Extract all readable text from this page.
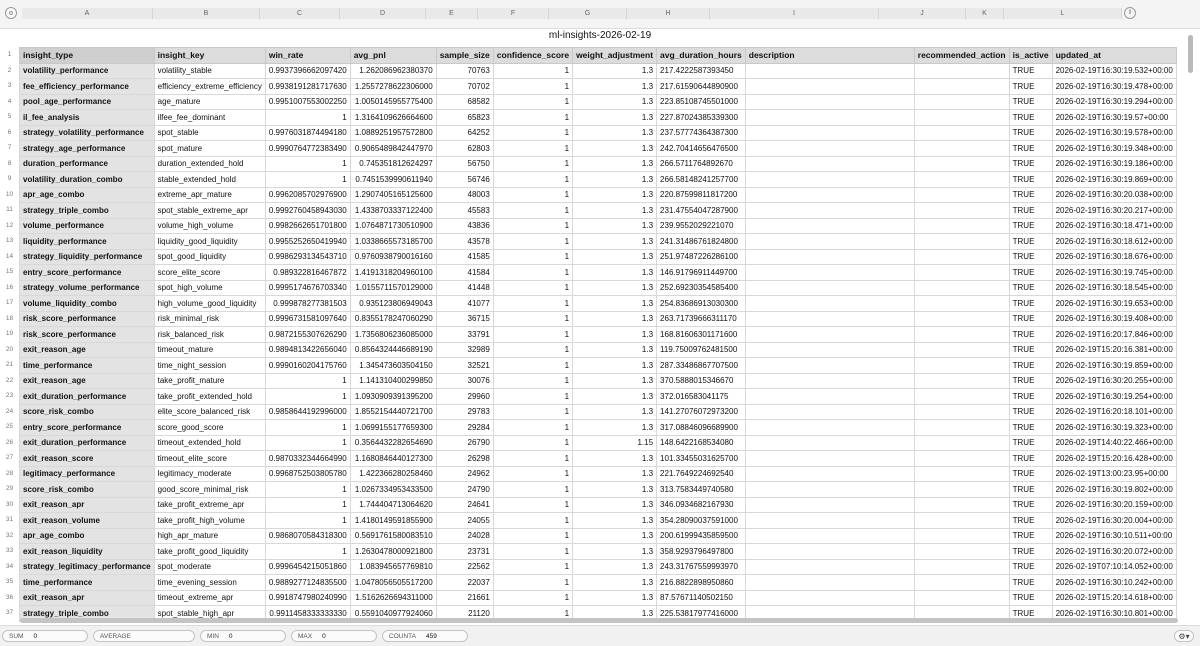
A	B	C	D	E	F	G	H	I	J	K	L	‖
ml-insights-2026-02-19
1
2
3
4
5
6
7
8
9
10
11
12
13
14
15
16
17
18
19
20
21
22
23
24
25
26
27
28
29
30
31
32
33
34
35
36
37
insight_type	insight_key	win_rate	avg_pnl	sample_size	confidence_score	weight_adjustment	avg_duration_hours	description	recommended_action	is_active	updated_at
volatility_performance	volatility_stable	0.9937396662097420	1.262086962380370	70763	1	1.3	217.4222587393450			TRUE	2026-02-19T16:30:19.532+00:00
fee_efficiency_performance	efficiency_extreme_efficiency	0.9938191281717630	1.2557278622306000	70702	1	1.3	217.61590644890900			TRUE	2026-02-19T16:30:19.478+00:00
pool_age_performance	age_mature	0.9951007553002250	1.0050145955775400	68582	1	1.3	223.85108745501000			TRUE	2026-02-19T16:30:19.294+00:00
il_fee_analysis	ilfee_fee_dominant	1	1.3164109626664600	65823	1	1.3	227.87024385339300			TRUE	2026-02-19T16:30:19.57+00:00
strategy_volatility_performance	spot_stable	0.9976031874494180	1.0889251957572800	64252	1	1.3	237.57774364387300			TRUE	2026-02-19T16:30:19.578+00:00
strategy_age_performance	spot_mature	0.9990764772383490	0.9065489842447970	62803	1	1.3	242.70414656476500			TRUE	2026-02-19T16:30:19.348+00:00
duration_performance	duration_extended_hold	1	0.745351812624297	56750	1	1.3	266.5711764892670			TRUE	2026-02-19T16:30:19.186+00:00
volatility_duration_combo	stable_extended_hold	1	0.7451539990611940	56746	1	1.3	266.58148241257700			TRUE	2026-02-19T16:30:19.869+00:00
apr_age_combo	extreme_apr_mature	0.9962085702976900	1.2907405165125600	48003	1	1.3	220.87599811817200			TRUE	2026-02-19T16:30:20.038+00:00
strategy_triple_combo	spot_stable_extreme_apr	0.9992760458943030	1.4338703337122400	45583	1	1.3	231.47554047287900			TRUE	2026-02-19T16:30:20.217+00:00
volume_performance	volume_high_volume	0.9982662651701800	1.0764871730510900	43836	1	1.3	239.9552029221070			TRUE	2026-02-19T16:30:18.471+00:00
liquidity_performance	liquidity_good_liquidity	0.9955252650419940	1.0338665573185700	43578	1	1.3	241.31486761824800			TRUE	2026-02-19T16:30:18.612+00:00
strategy_liquidity_performance	spot_good_liquidity	0.9986293134543710	0.9760938790016160	41585	1	1.3	251.97487226286100			TRUE	2026-02-19T16:30:18.676+00:00
entry_score_performance	score_elite_score	0.989322816467872	1.4191318204960100	41584	1	1.3	146.91796911449700			TRUE	2026-02-19T16:30:19.745+00:00
strategy_volume_performance	spot_high_volume	0.9995174676703340	1.0155711570129000	41448	1	1.3	252.69230354585400			TRUE	2026-02-19T16:30:18.545+00:00
volume_liquidity_combo	high_volume_good_liquidity	0.999878277381503	0.935123806949043	41077	1	1.3	254.83686913030300			TRUE	2026-02-19T16:30:19.653+00:00
risk_score_performance	risk_minimal_risk	0.9996731581097640	0.8355178247060290	36715	1	1.3	263.71739666311170			TRUE	2026-02-19T16:30:19.408+00:00
risk_score_performance	risk_balanced_risk	0.9872155307626290	1.7356806236085000	33791	1	1.3	168.81606301171600			TRUE	2026-02-19T16:20:17.846+00:00
exit_reason_age	timeout_mature	0.9894813422656040	0.8564324446689190	32989	1	1.3	119.75009762481500			TRUE	2026-02-19T15:20:16.381+00:00
time_performance	time_night_session	0.9990160204175760	1.345473603504150	32521	1	1.3	287.33486867707500			TRUE	2026-02-19T16:30:19.859+00:00
exit_reason_age	take_profit_mature	1	1.141310400299850	30076	1	1.3	370.5888015346670			TRUE	2026-02-19T16:30:20.255+00:00
exit_duration_performance	take_profit_extended_hold	1	1.0930909391395200	29960	1	1.3	372.016583041175			TRUE	2026-02-19T16:30:19.254+00:00
score_risk_combo	elite_score_balanced_risk	0.9858644192996000	1.8552154440721700	29783	1	1.3	141.27076072973200			TRUE	2026-02-19T16:20:18.101+00:00
entry_score_performance	score_good_score	1	1.0699155177659300	29284	1	1.3	317.08846096689900			TRUE	2026-02-19T16:30:19.323+00:00
exit_duration_performance	timeout_extended_hold	1	0.3564432282654690	26790	1	1.15	148.6422168534080			TRUE	2026-02-19T14:40:22.466+00:00
exit_reason_score	timeout_elite_score	0.9870332344664990	1.1680846440127300	26298	1	1.3	101.33455031625700			TRUE	2026-02-19T15:20:16.428+00:00
legitimacy_performance	legitimacy_moderate	0.9968752503805780	1.422366280258460	24962	1	1.3	221.7649224692540			TRUE	2026-02-19T13:00:23.95+00:00
score_risk_combo	good_score_minimal_risk	1	1.0267334953433500	24790	1	1.3	313.7583449740580			TRUE	2026-02-19T16:30:19.802+00:00
exit_reason_apr	take_profit_extreme_apr	1	1.744404713064620	24641	1	1.3	346.0934682167930			TRUE	2026-02-19T16:30:20.159+00:00
exit_reason_volume	take_profit_high_volume	1	1.4180149591855900	24055	1	1.3	354.28090037591000			TRUE	2026-02-19T16:30:20.004+00:00
apr_age_combo	high_apr_mature	0.9868070584318300	0.5691761580083510	24028	1	1.3	200.61999435859500			TRUE	2026-02-19T16:30:10.511+00:00
exit_reason_liquidity	take_profit_good_liquidity	1	1.2630478000921800	23731	1	1.3	358.9293796497800			TRUE	2026-02-19T16:30:20.072+00:00
strategy_legitimacy_performance	spot_moderate	0.9996454215051860	1.083945657769810	22562	1	1.3	243.31767559993970			TRUE	2026-02-19T07:10:14.052+00:00
time_performance	time_evening_session	0.9889277124835500	1.0478056505517200	22037	1	1.3	216.8822898950860			TRUE	2026-02-19T16:30:10.242+00:00
exit_reason_apr	timeout_extreme_apr	0.9918747980240990	1.5162626694311000	21661	1	1.3	87.57671140502150			TRUE	2026-02-19T15:20:14.618+00:00
strategy_triple_combo	spot_stable_high_apr	0.9911458333333330	0.5591040977924060	21120	1	1.3	225.53817977416000			TRUE	2026-02-19T16:30:10.801+00:00
SUM 0	AVERAGE	MIN 0	MAX 0	COUNTA 459	⚙▾
